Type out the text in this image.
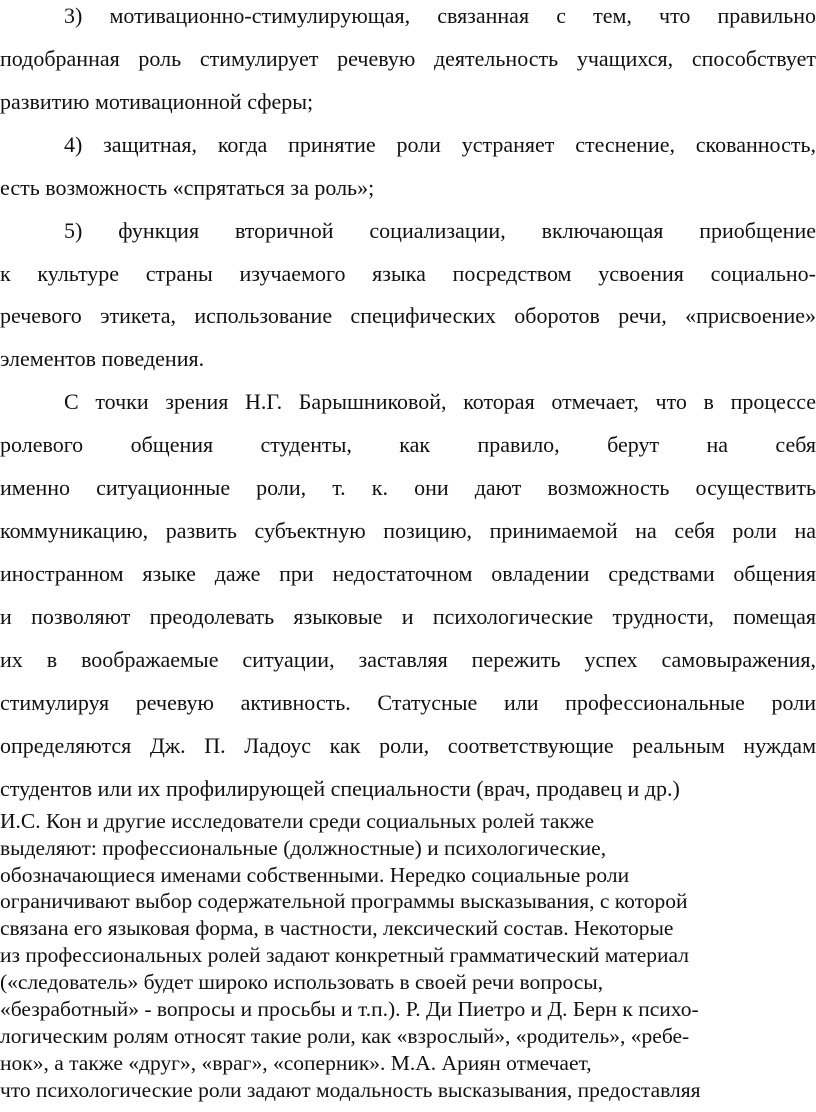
3) мотивационно-стимулирующая, связанная с тем, что правильно
подобранная роль стимулирует речевую деятельность учащихся, способствует
развитию мотивационной сферы;
4) защитная, когда принятие роли устраняет стеснение, скованность,
есть возможность «спрятаться за роль»;
5) функция вторичной социализации, включающая приобщение
к культуре страны изучаемого языка посредством усвоения социально-
речевого этикета, использование специфических оборотов речи, «присвоение»
элементов поведения.
С точки зрения Н.Г. Барышниковой, которая отмечает, что в процессе
ролевого общения студенты, как правило, берут на себя
именно ситуационные роли, т. к. они дают возможность осуществить
коммуникацию, развить субъектную позицию, принимаемой на себя роли на
иностранном языке даже при недостаточном овладении средствами общения
и позволяют преодолевать языковые и психологические трудности, помещая
их в воображаемые ситуации, заставляя пережить успех самовыражения,
стимулируя речевую активность. Статусные или профессиональные роли
определяются Дж. П. Ладоус как роли, соответствующие реальным нуждам
студентов или их профилирующей специальности (врач, продавец и др.)
И.С. Кон и другие исследователи среди социальных ролей также
выделяют: профессиональные (должностные) и психологические,
обозначающиеся именами собственными. Нередко социальные роли
ограничивают выбор содержательной программы высказывания, с которой
связана его языковая форма, в частности, лексический состав. Некоторые
из профессиональных ролей задают конкретный грамматический материал
(«следователь» будет широко использовать в своей речи вопросы,
«безработный» - вопросы и просьбы и т.п.). Р. Ди Пиетро и Д. Берн к психо-
логическим ролям относят такие роли, как «взрослый», «родитель», «ребе-
нок», а также «друг», «враг», «соперник». М.А. Ариян отмечает,
что психологические роли задают модальность высказывания, предоставляя
